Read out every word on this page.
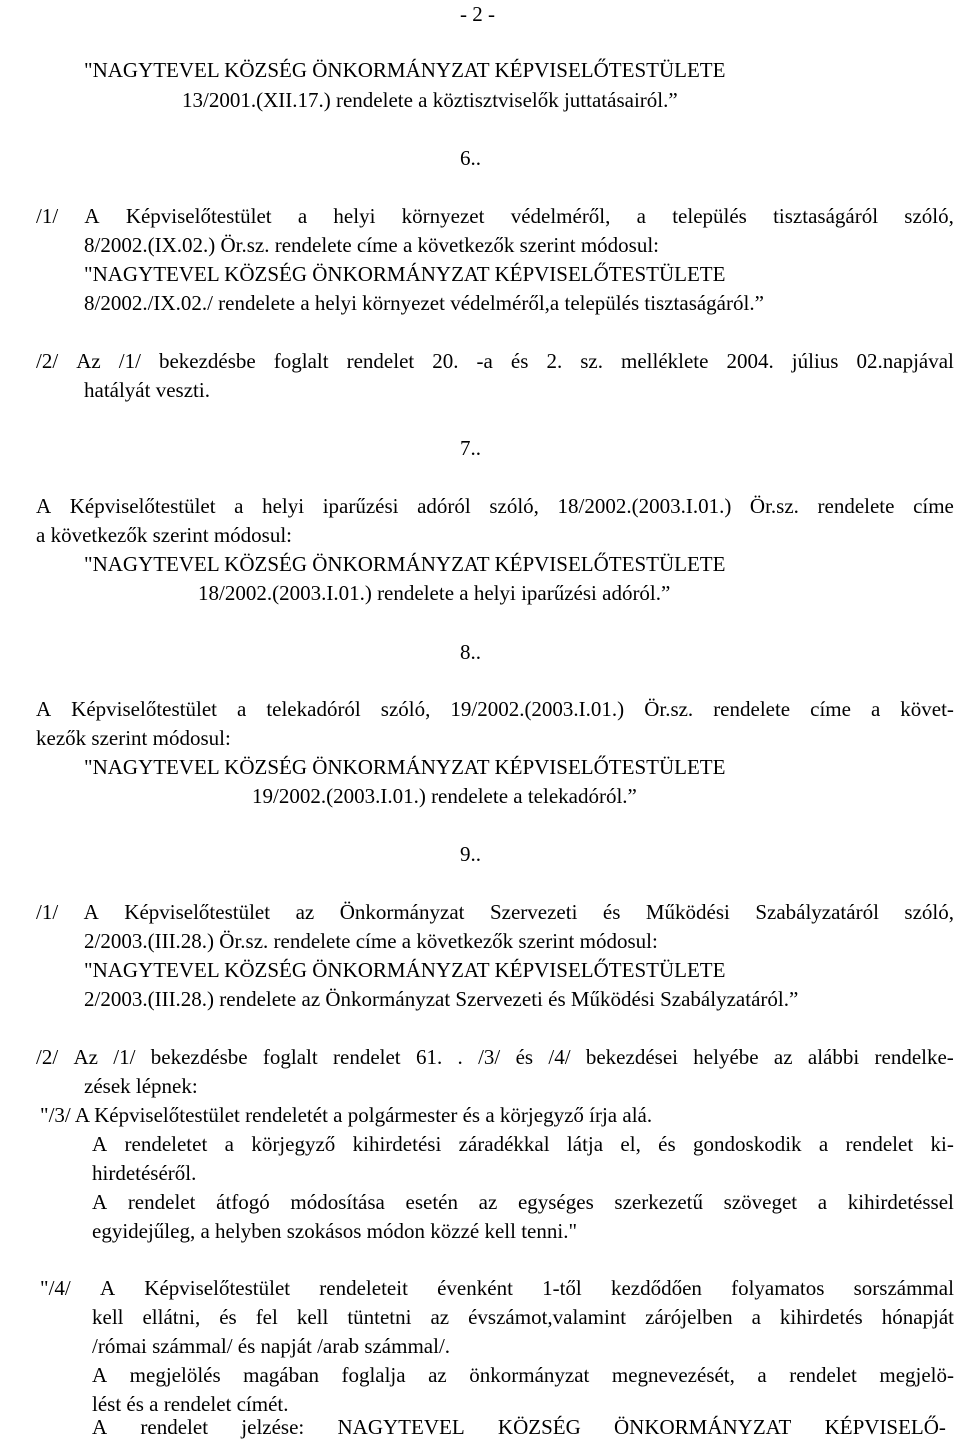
- 2 -
"NAGYTEVEL KÖZSÉG ÖNKORMÁNYZAT KÉPVISELŐTESTÜLETE
13/2001.(XII.17.) rendelete a köztisztviselők juttatásairól.”
6..
/1/ A Képviselőtestület a helyi környezet védelméről, a település tisztaságáról szóló,
8/2002.(IX.02.) Ör.sz. rendelete címe a következők szerint módosul:
"NAGYTEVEL KÖZSÉG ÖNKORMÁNYZAT KÉPVISELŐTESTÜLETE
8/2002./IX.02./ rendelete a helyi környezet védelméről,a település tisztaságáról.”
/2/ Az /1/ bekezdésbe foglalt rendelet 20. -a és 2. sz. melléklete 2004. július 02.napjával
hatályát veszti.
7..
A Képviselőtestület a helyi iparűzési adóról szóló, 18/2002.(2003.I.01.) Ör.sz. rendelete címe
a következők szerint módosul:
"NAGYTEVEL KÖZSÉG ÖNKORMÁNYZAT KÉPVISELŐTESTÜLETE
18/2002.(2003.I.01.) rendelete a helyi iparűzési adóról.”
8..
A Képviselőtestület a telekadóról szóló, 19/2002.(2003.I.01.) Ör.sz. rendelete címe a követ-
kezők szerint módosul:
"NAGYTEVEL KÖZSÉG ÖNKORMÁNYZAT KÉPVISELŐTESTÜLETE
19/2002.(2003.I.01.) rendelete a telekadóról.”
9..
/1/ A Képviselőtestület az Önkormányzat Szervezeti és Működési Szabályzatáról szóló,
2/2003.(III.28.) Ör.sz. rendelete címe a következők szerint módosul:
"NAGYTEVEL KÖZSÉG ÖNKORMÁNYZAT KÉPVISELŐTESTÜLETE
2/2003.(III.28.) rendelete az Önkormányzat Szervezeti és Működési Szabályzatáról.”
/2/ Az /1/ bekezdésbe foglalt rendelet 61. . /3/ és /4/ bekezdései helyébe az alábbi rendelke-
zések lépnek:
"/3/ A Képviselőtestület rendeletét a polgármester és a körjegyző írja alá.
A rendeletet a körjegyző kihirdetési záradékkal látja el, és gondoskodik a rendelet ki-
hirdetéséről.
A rendelet átfogó módosítása esetén az egységes szerkezetű szöveget a kihirdetéssel
egyidejűleg, a helyben szokásos módon közzé kell tenni."
"/4/ A Képviselőtestület rendeleteit évenként 1-től kezdődően folyamatos sorszámmal
kell ellátni, és fel kell tüntetni az évszámot,valamint zárójelben a kihirdetés hónapját
/római számmal/ és napját /arab számmal/.
A megjelölés magában foglalja az önkormányzat megnevezését, a rendelet megjelö-
lést és a rendelet címét.
A rendelet jelzése: NAGYTEVEL KÖZSÉG ÖNKORMÁNYZAT KÉPVISELŐ-
